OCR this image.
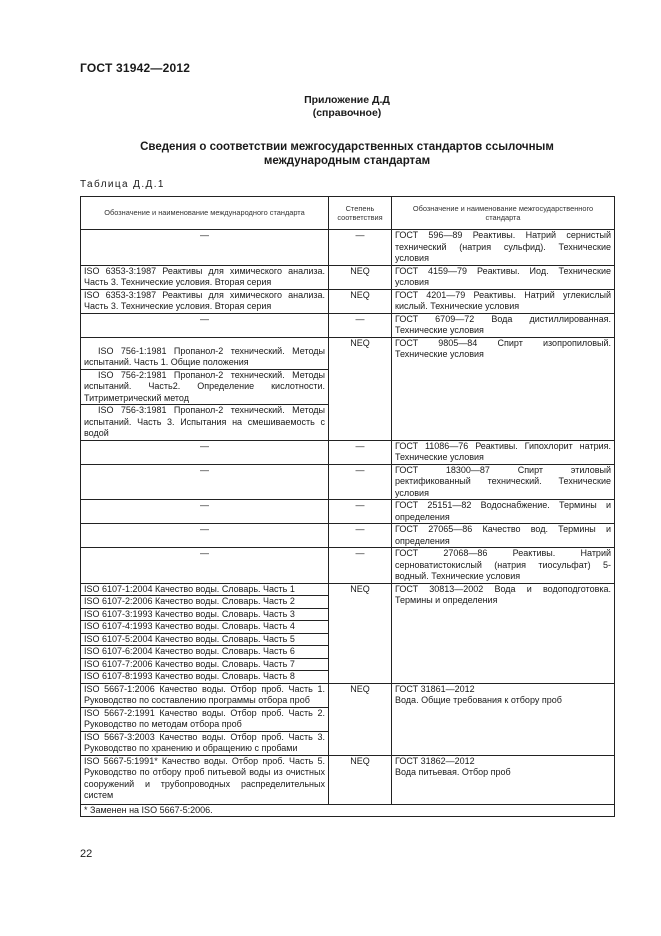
ГОСТ 31942—2012
Приложение Д.Д
(справочное)
Сведения о соответствии межгосударственных стандартов ссылочным международным стандартам
Таблица Д.Д.1
Обозначение и наименование международного стандарта	Степень соответствия	Обозначение и наименование межгосударственного стандарта
—	—	ГОСТ 596—89 Реактивы. Натрий сернистый технический (натрия сульфид). Технические условия
ISO 6353-3:1987 Реактивы для химического анализа. Часть 3. Технические условия. Вторая серия	NEQ	ГОСТ 4159—79 Реактивы. Иод. Технические условия
ISO 6353-3:1987 Реактивы для химического анализа. Часть 3. Технические условия. Вторая серия	NEQ	ГОСТ 4201—79 Реактивы. Натрий углекислый кислый. Технические условия
—	—	ГОСТ 6709—72 Вода дистиллированная. Технические условия
ISO 756-1:1981 Пропанол-2 технический. Методы испытаний. Часть 1. Общие положения	NEQ	ГОСТ 9805—84 Спирт изопропиловый. Технические условия
ISO 756-2:1981 Пропанол-2 технический. Методы испытаний. Часть2. Определение кислотности. Титриметрический метод		
ISO 756-3:1981 Пропанол-2 технический. Методы испытаний. Часть 3. Испытания на смешиваемость с водой		
—	—	ГОСТ 11086—76 Реактивы. Гипохлорит натрия. Технические условия
—	—	ГОСТ 18300—87 Спирт этиловый ректификованный технический. Технические условия
—	—	ГОСТ 25151—82 Водоснабжение. Термины и определения
—	—	ГОСТ 27065—86 Качество вод. Термины и определения
—	—	ГОСТ 27068—86 Реактивы. Натрий серноватистокислый (натрия тиосульфат) 5-водный. Технические условия
ISO 6107-1:2004 Качество воды. Словарь. Часть 1	NEQ	ГОСТ 30813—2002 Вода и водоподготовка. Термины и определения
ISO 6107-2:2006 Качество воды. Словарь. Часть 2		
ISO 6107-3:1993 Качество воды. Словарь. Часть 3		
ISO 6107-4:1993 Качество воды. Словарь. Часть 4		
ISO 6107-5:2004 Качество воды. Словарь. Часть 5		
ISO 6107-6:2004 Качество воды. Словарь. Часть 6		
ISO 6107-7:2006 Качество воды. Словарь. Часть 7		
ISO 6107-8:1993 Качество воды. Словарь. Часть 8		
ISO 5667-1:2006 Качество воды. Отбор проб. Часть 1. Руководство по составлению программы отбора проб	NEQ	ГОСТ 31861—2012
Вода. Общие требования к отбору проб

ISO 5667-2:1991 Качество воды. Отбор проб. Часть 2. Руководство по методам отбора проб		
ISO 5667-3:2003 Качество воды. Отбор проб. Часть 3. Руководство по хранению и обращению с пробами		
ISO 5667-5:1991* Качество воды. Отбор проб. Часть 5. Руководство по отбору проб питьевой воды из очистных сооружений и трубопроводных распределительных систем	NEQ	ГОСТ 31862—2012
Вода питьевая. Отбор проб

* Заменен на ISO 5667-5:2006.		
22
